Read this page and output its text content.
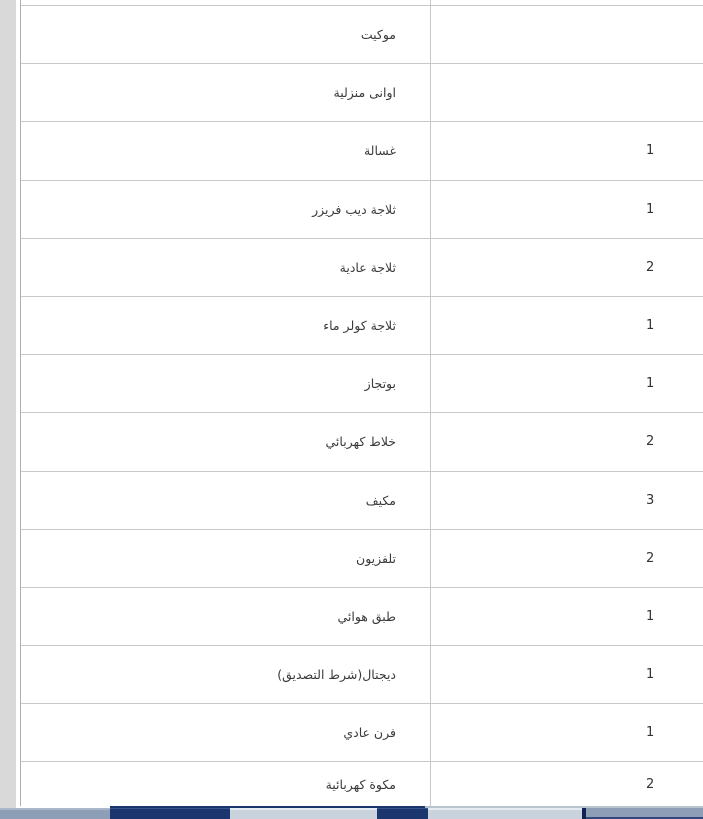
موكيت
اوانى منزلية
غسالة	1
ثلاجة ديب فريزر	1
ثلاجة عادية	2
ثلاجة كولر ماء	1
بوتجاز	1
خلاط كهربائي	2
مكيف	3
تلفزيون	2
طبق هوائي	1
ديجتال(شرط التصديق)	1
فرن عادي	1
مكوة كهربائية	2
